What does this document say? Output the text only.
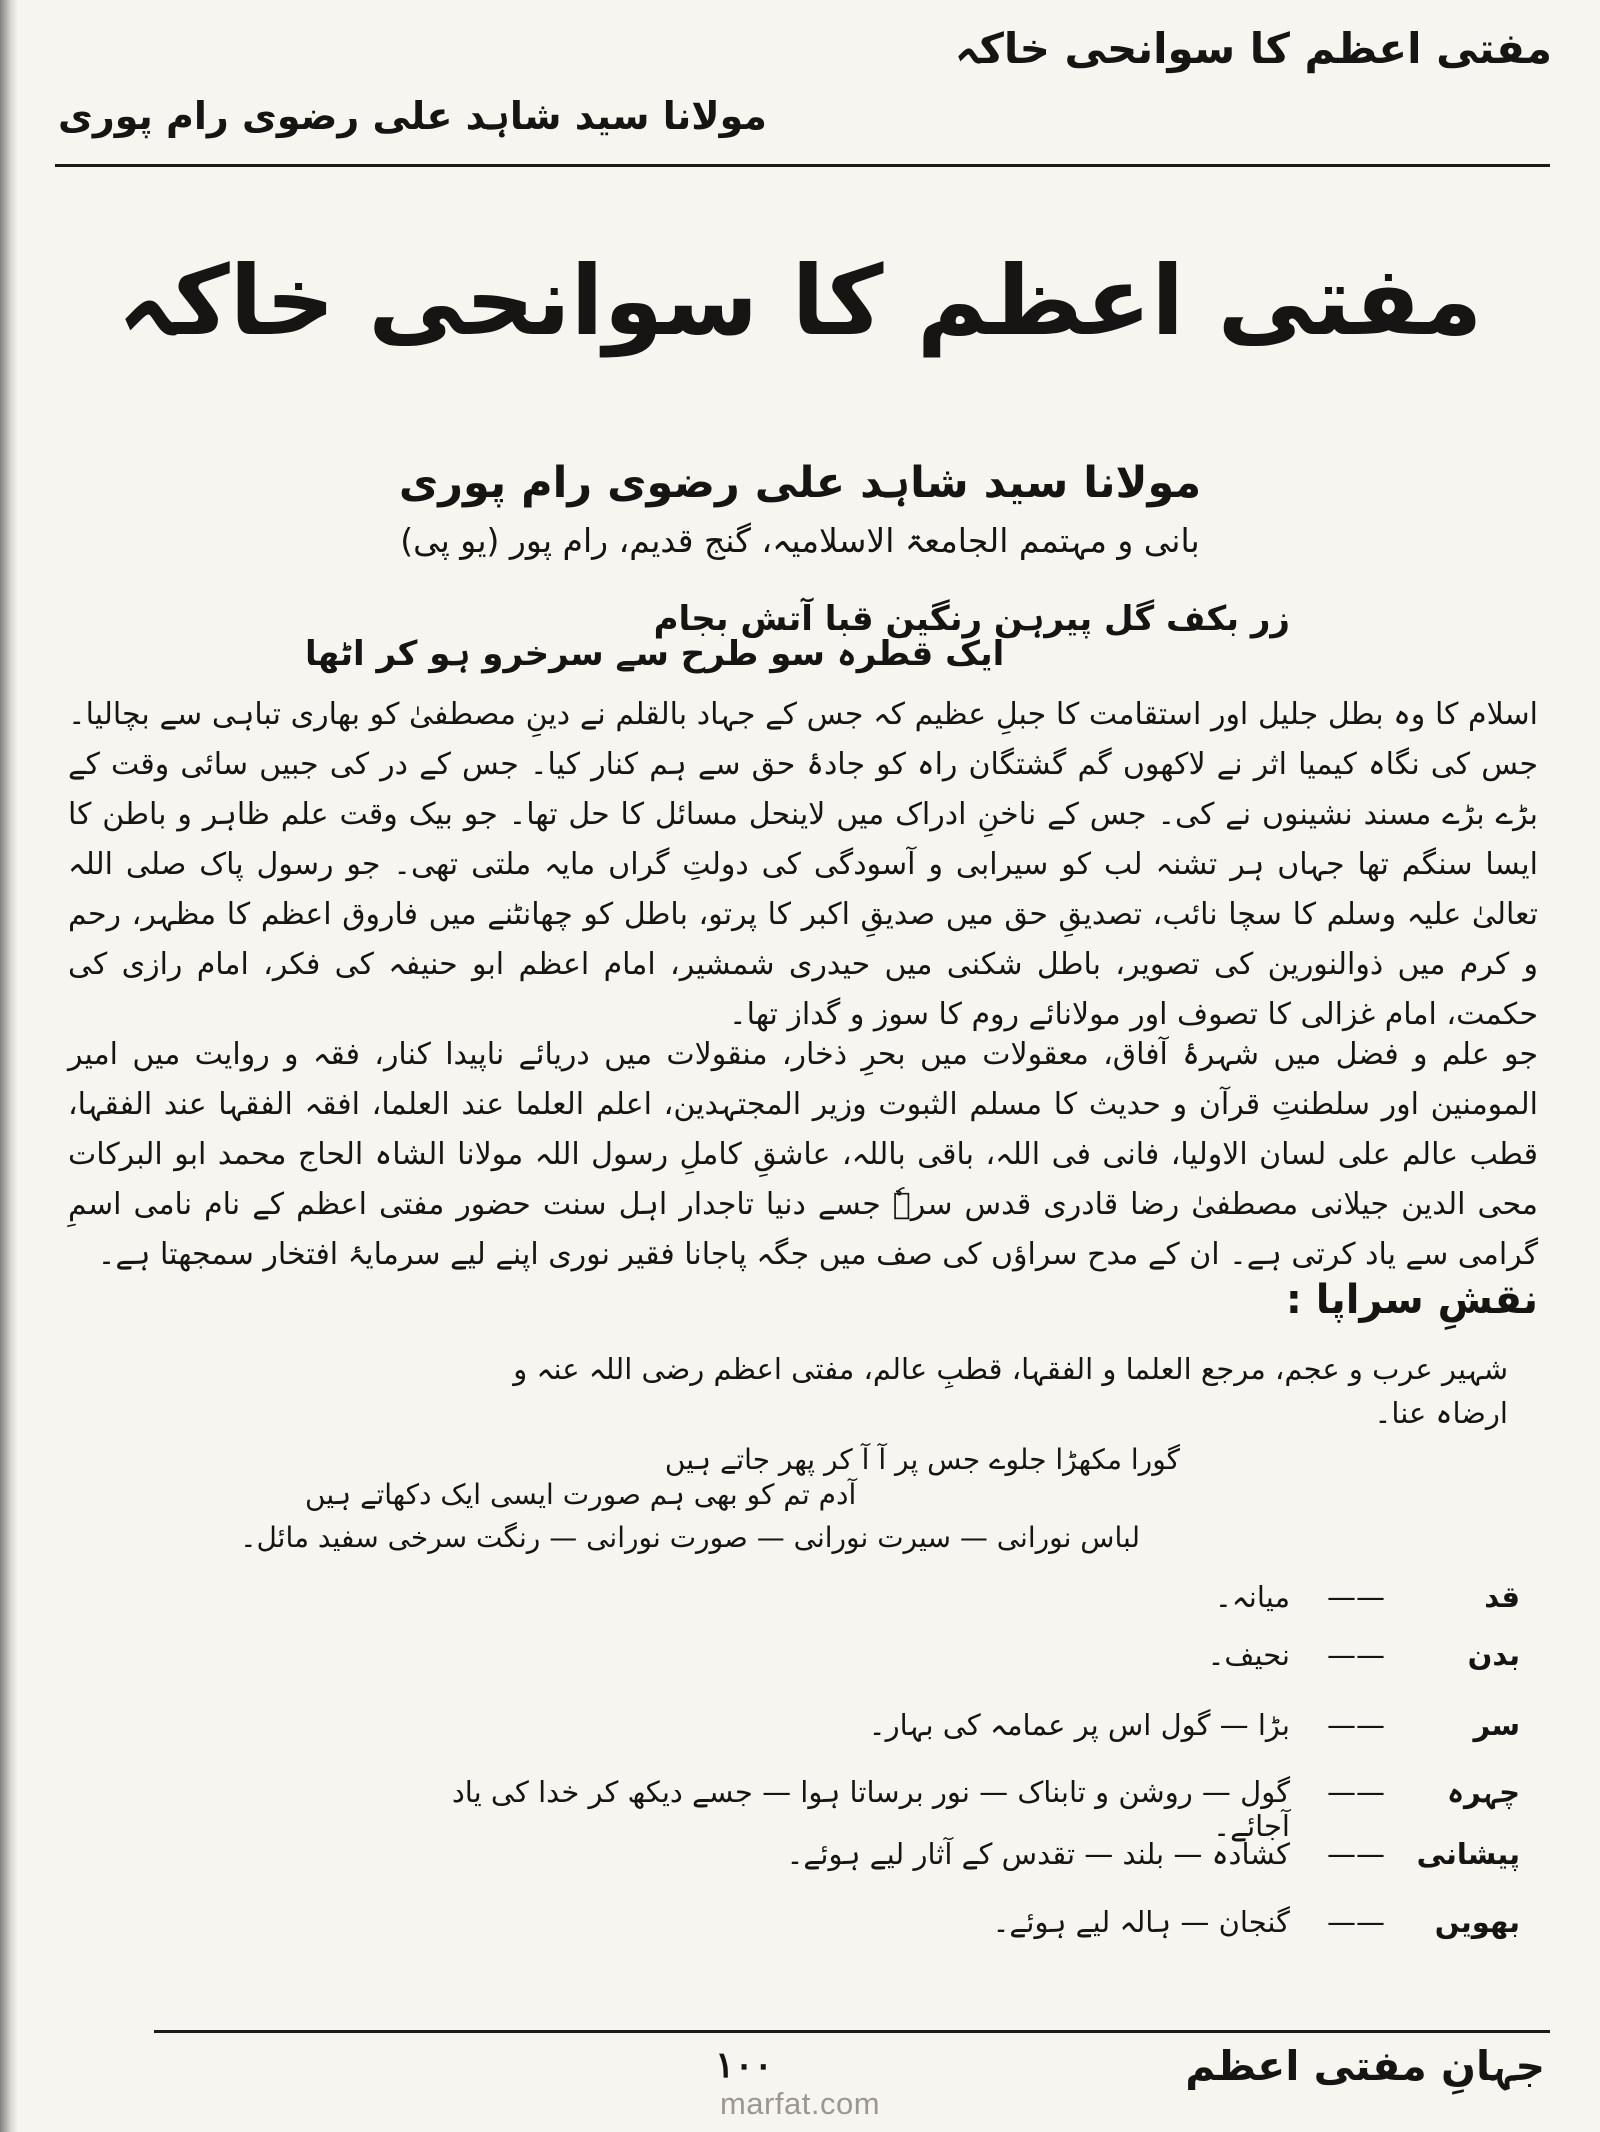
مفتی اعظم کا سوانحی خاکہ
مولانا سید شاہد علی رضوی رام پوری
مفتی اعظم کا سوانحی خاکہ
مولانا سید شاہد علی رضوی رام پوری
بانی و مہتمم الجامعۃ الاسلامیہ، گنج قدیم، رام پور (یو پی)
زر بکف گل پیرہن رنگین قبا آتش بجام
ایک قطرہ سو طرح سے سرخرو ہو کر اٹھا
اسلام کا وہ بطل جلیل اور استقامت کا جبلِ عظیم کہ جس کے جہاد بالقلم نے دینِ مصطفیٰ کو بھاری تباہی سے بچالیا۔ جس کی نگاہ کیمیا اثر نے لاکھوں گم گشتگان راہ کو جادۂ حق سے ہم کنار کیا۔ جس کے در کی جبیں سائی وقت کے بڑے بڑے مسند نشینوں نے کی۔ جس کے ناخنِ ادراک میں لاینحل مسائل کا حل تھا۔ جو بیک وقت علم ظاہر و باطن کا ایسا سنگم تھا جہاں ہر تشنہ لب کو سیرابی و آسودگی کی دولتِ گراں مایہ ملتی تھی۔ جو رسول پاک صلی اللہ تعالیٰ علیہ وسلم کا سچا نائب، تصدیقِ حق میں صدیقِ اکبر کا پرتو، باطل کو چھانٹنے میں فاروق اعظم کا مظہر، رحم و کرم میں ذوالنورین کی تصویر، باطل شکنی میں حیدری شمشیر، امام اعظم ابو حنیفہ کی فکر، امام رازی کی حکمت، امام غزالی کا تصوف اور مولانائے روم کا سوز و گداز تھا۔
جو علم و فضل میں شہرۂ آفاق، معقولات میں بحرِ ذخار، منقولات میں دریائے ناپیدا کنار، فقہ و روایت میں امیر المومنین اور سلطنتِ قرآن و حدیث کا مسلم الثبوت وزیر المجتہدین، اعلم العلما عند العلما، افقہ الفقہا عند الفقہا، قطب عالم علی لسان الاولیا، فانی فی اللہ، باقی باللہ، عاشقِ کاملِ رسول اللہ مولانا الشاہ الحاج محمد ابو البرکات محی الدین جیلانی مصطفیٰ رضا قادری قدس سرہٗ جسے دنیا تاجدار اہل سنت حضور مفتی اعظم کے نام نامی اسمِ گرامی سے یاد کرتی ہے۔ ان کے مدح سراؤں کی صف میں جگہ پاجانا فقیر نوری اپنے لیے سرمایۂ افتخار سمجھتا ہے۔
نقشِ سراپا :
شہیر عرب و عجم، مرجع العلما و الفقہا، قطبِ عالم، مفتی اعظم رضی اللہ عنہ و ارضاہ عنا۔
گورا مکھڑا جلوے جس پر آ آ کر پھر جاتے ہیں
آدم تم کو بھی ہم صورت ایسی ایک دکھاتے ہیں
لباس نورانی — سیرت نورانی — صورت نورانی — رنگت سرخی سفید مائل۔
قد
——
میانہ۔
بدن
——
نحیف۔
سر
——
بڑا — گول اس پر عمامہ کی بہار۔
چہرہ
——
گول — روشن و تابناک — نور برساتا ہوا — جسے دیکھ کر خدا کی یاد آجائے۔
پیشانی
——
کشادہ — بلند — تقدس کے آثار لیے ہوئے۔
بھویں
——
گنجان — ہالہ لیے ہوئے۔
۱۰۰	جہانِ مفتی اعظم
marfat.com
